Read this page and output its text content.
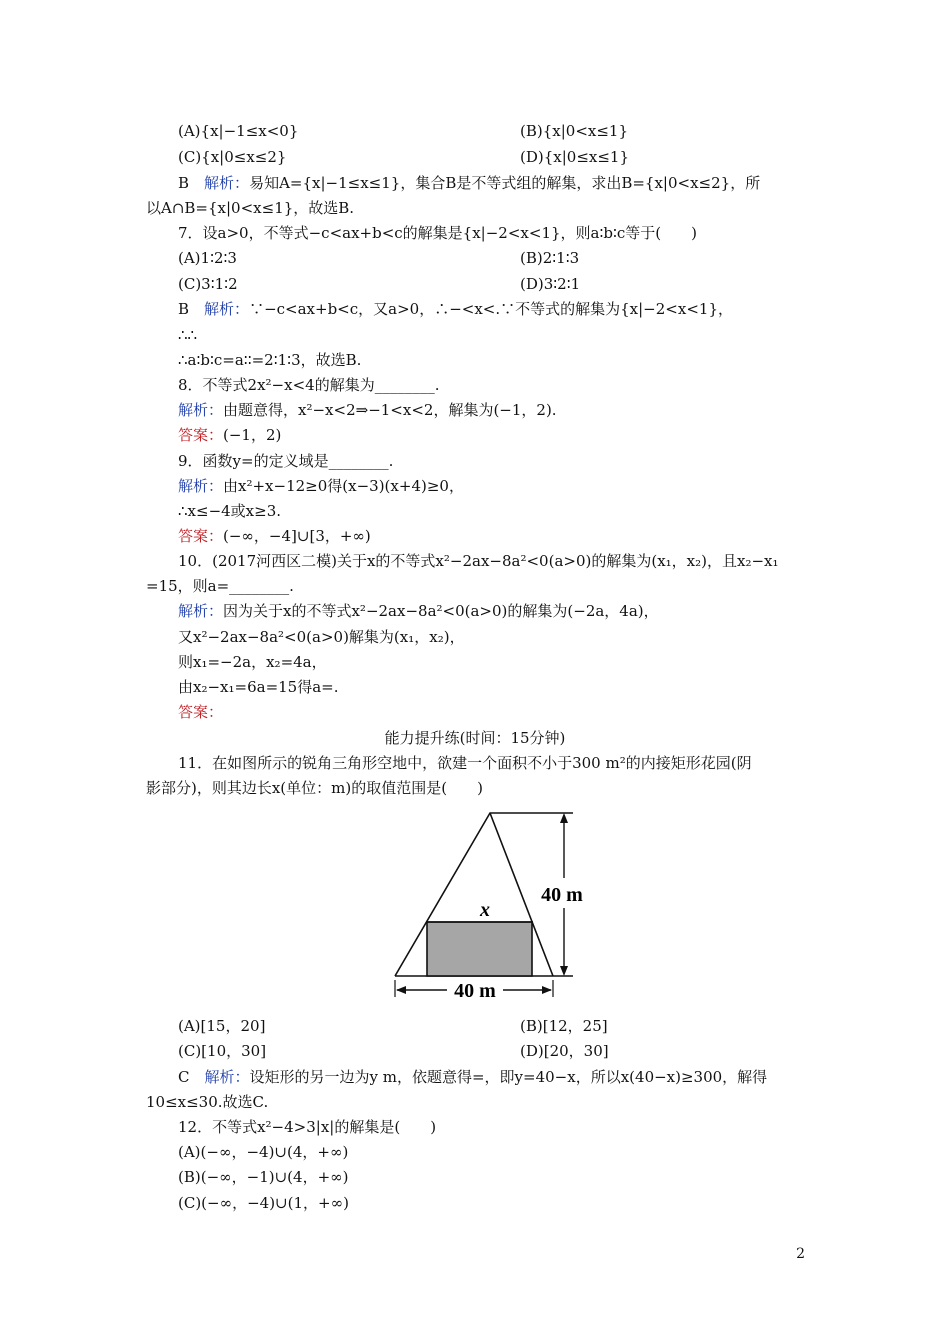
(A){x|−1≤x<0}	(B){x|0<x≤1}
(C){x|0≤x≤2}	(D){x|0≤x≤1}
B　 解析：易知A={x|−1≤x≤1}，集合B是不等式组的解集，求出B={x|0<x≤2}，所
以A∩B={x|0<x≤1}，故选B.
7．设a>0，不等式−c<ax+b<c的解集是{x|−2<x<1}，则a∶b∶c等于(　　)
(A)1∶2∶3	(B)2∶1∶3
(C)3∶1∶2	(D)3∶2∶1
B　 解析：∵−c<ax+b<c，又a>0，∴−<x<.∵不等式的解集为{x|−2<x<1}，
∴∴
∴a∶b∶c=a∶∶=2∶1∶3，故选B.
8．不等式2x²−x<4的解集为________.
解析：由题意得，x²−x<2⇒−1<x<2，解集为(−1，2).
答案：(−1，2)
9．函数y=的定义域是________.
解析：由x²+x−12≥0得(x−3)(x+4)≥0，
∴x≤−4或x≥3.
答案：(−∞，−4]∪[3，+∞)
10．(2017河西区二模)关于x的不等式x²−2ax−8a²<0(a>0)的解集为(x₁，x₂)，且x₂−x₁
=15，则a=________.
解析：因为关于x的不等式x²−2ax−8a²<0(a>0)的解集为(−2a，4a)，
又x²−2ax−8a²<0(a>0)解集为(x₁，x₂)，
则x₁=−2a，x₂=4a，
由x₂−x₁=6a=15得a=.
答案：
能力提升练(时间：15分钟)
11．在如图所示的锐角三角形空地中，欲建一个面积不小于300 m²的内接矩形花园(阴
影部分)，则其边长x(单位：m)的取值范围是(　　)
40 m
x
40 m
(A)[15，20]	(B)[12，25]
(C)[10，30]	(D)[20，30]
C　 解析：设矩形的另一边为y m，依题意得=，即y=40−x，所以x(40−x)≥300，解得
10≤x≤30.故选C.
12．不等式x²−4>3|x|的解集是(　　)
(A)(−∞，−4)∪(4，+∞)
(B)(−∞，−1)∪(4，+∞)
(C)(−∞，−4)∪(1，+∞)
2
